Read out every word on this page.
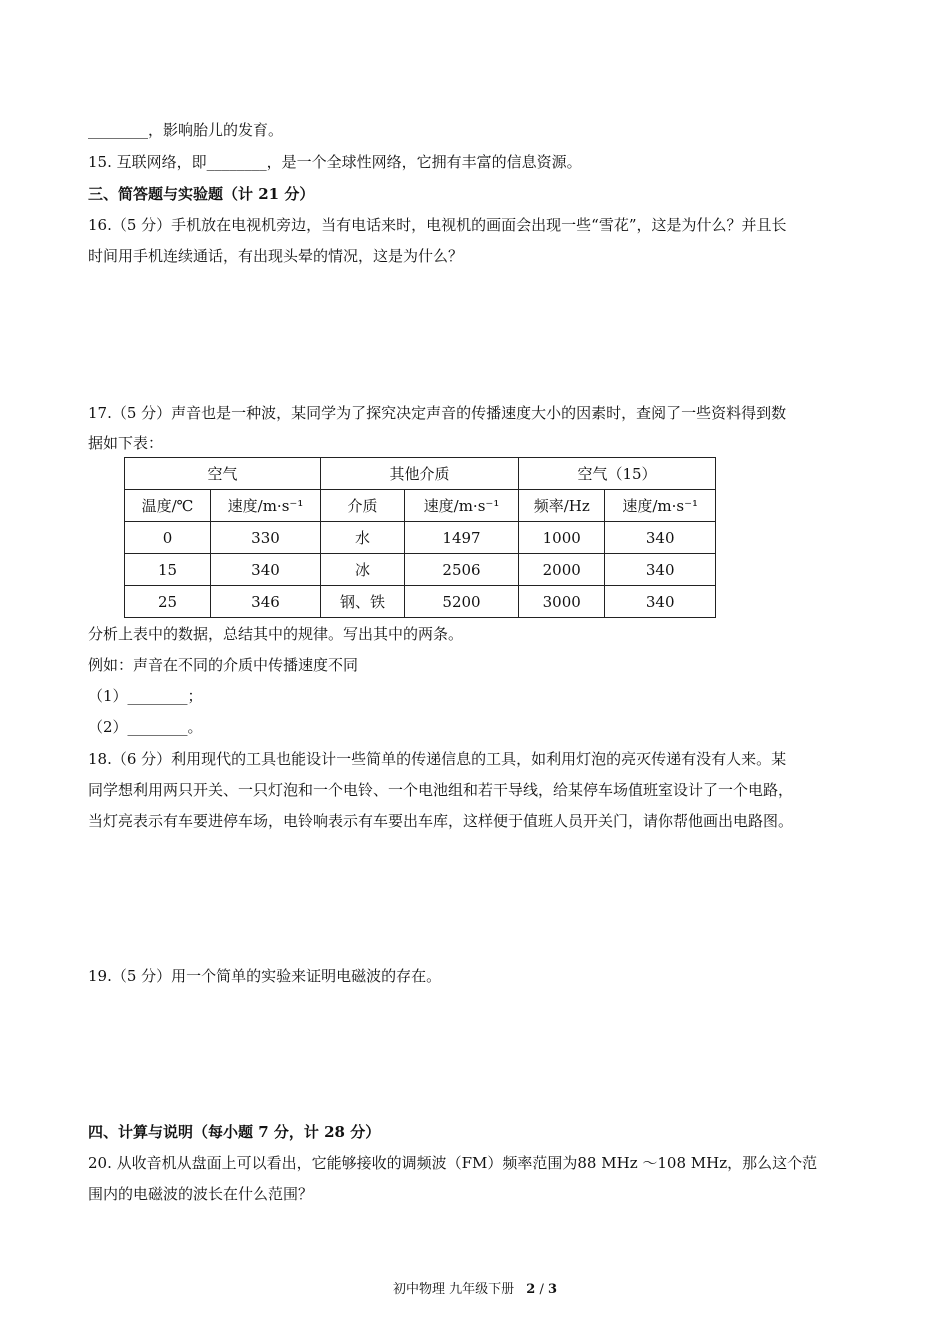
________，影响胎儿的发育。
15. 互联网络，即________，是一个全球性网络，它拥有丰富的信息资源。
三、简答题与实验题（计 21 分）
16.（5 分）手机放在电视机旁边，当有电话来时，电视机的画面会出现一些“雪花”，这是为什么？并且长
时间用手机连续通话，有出现头晕的情况，这是为什么？
17.（5 分）声音也是一种波，某同学为了探究决定声音的传播速度大小的因素时，查阅了一些资料得到数
据如下表：
空气		其他介质		空气（15）	
温度/℃	速度/m·s⁻¹	介质	速度/m·s⁻¹	频率/Hz	速度/m·s⁻¹
0	330	水	1497	1000	340
15	340	冰	2506	2000	340
25	346	钢、铁	5200	3000	340
分析上表中的数据，总结其中的规律。写出其中的两条。
例如：声音在不同的介质中传播速度不同
（1）________；
（2）________。
18.（6 分）利用现代的工具也能设计一些简单的传递信息的工具，如利用灯泡的亮灭传递有没有人来。某
同学想利用两只开关、一只灯泡和一个电铃、一个电池组和若干导线，给某停车场值班室设计了一个电路，
当灯亮表示有车要进停车场，电铃响表示有车要出车库，这样便于值班人员开关门，请你帮他画出电路图。
19.（5 分）用一个简单的实验来证明电磁波的存在。
四、计算与说明（每小题 7 分，计 28 分）
20. 从收音机从盘面上可以看出，它能够接收的调频波（FM）频率范围为88 MHz ～108 MHz，那么这个范
围内的电磁波的波长在什么范围？
初中物理 九年级下册 2 / 3
